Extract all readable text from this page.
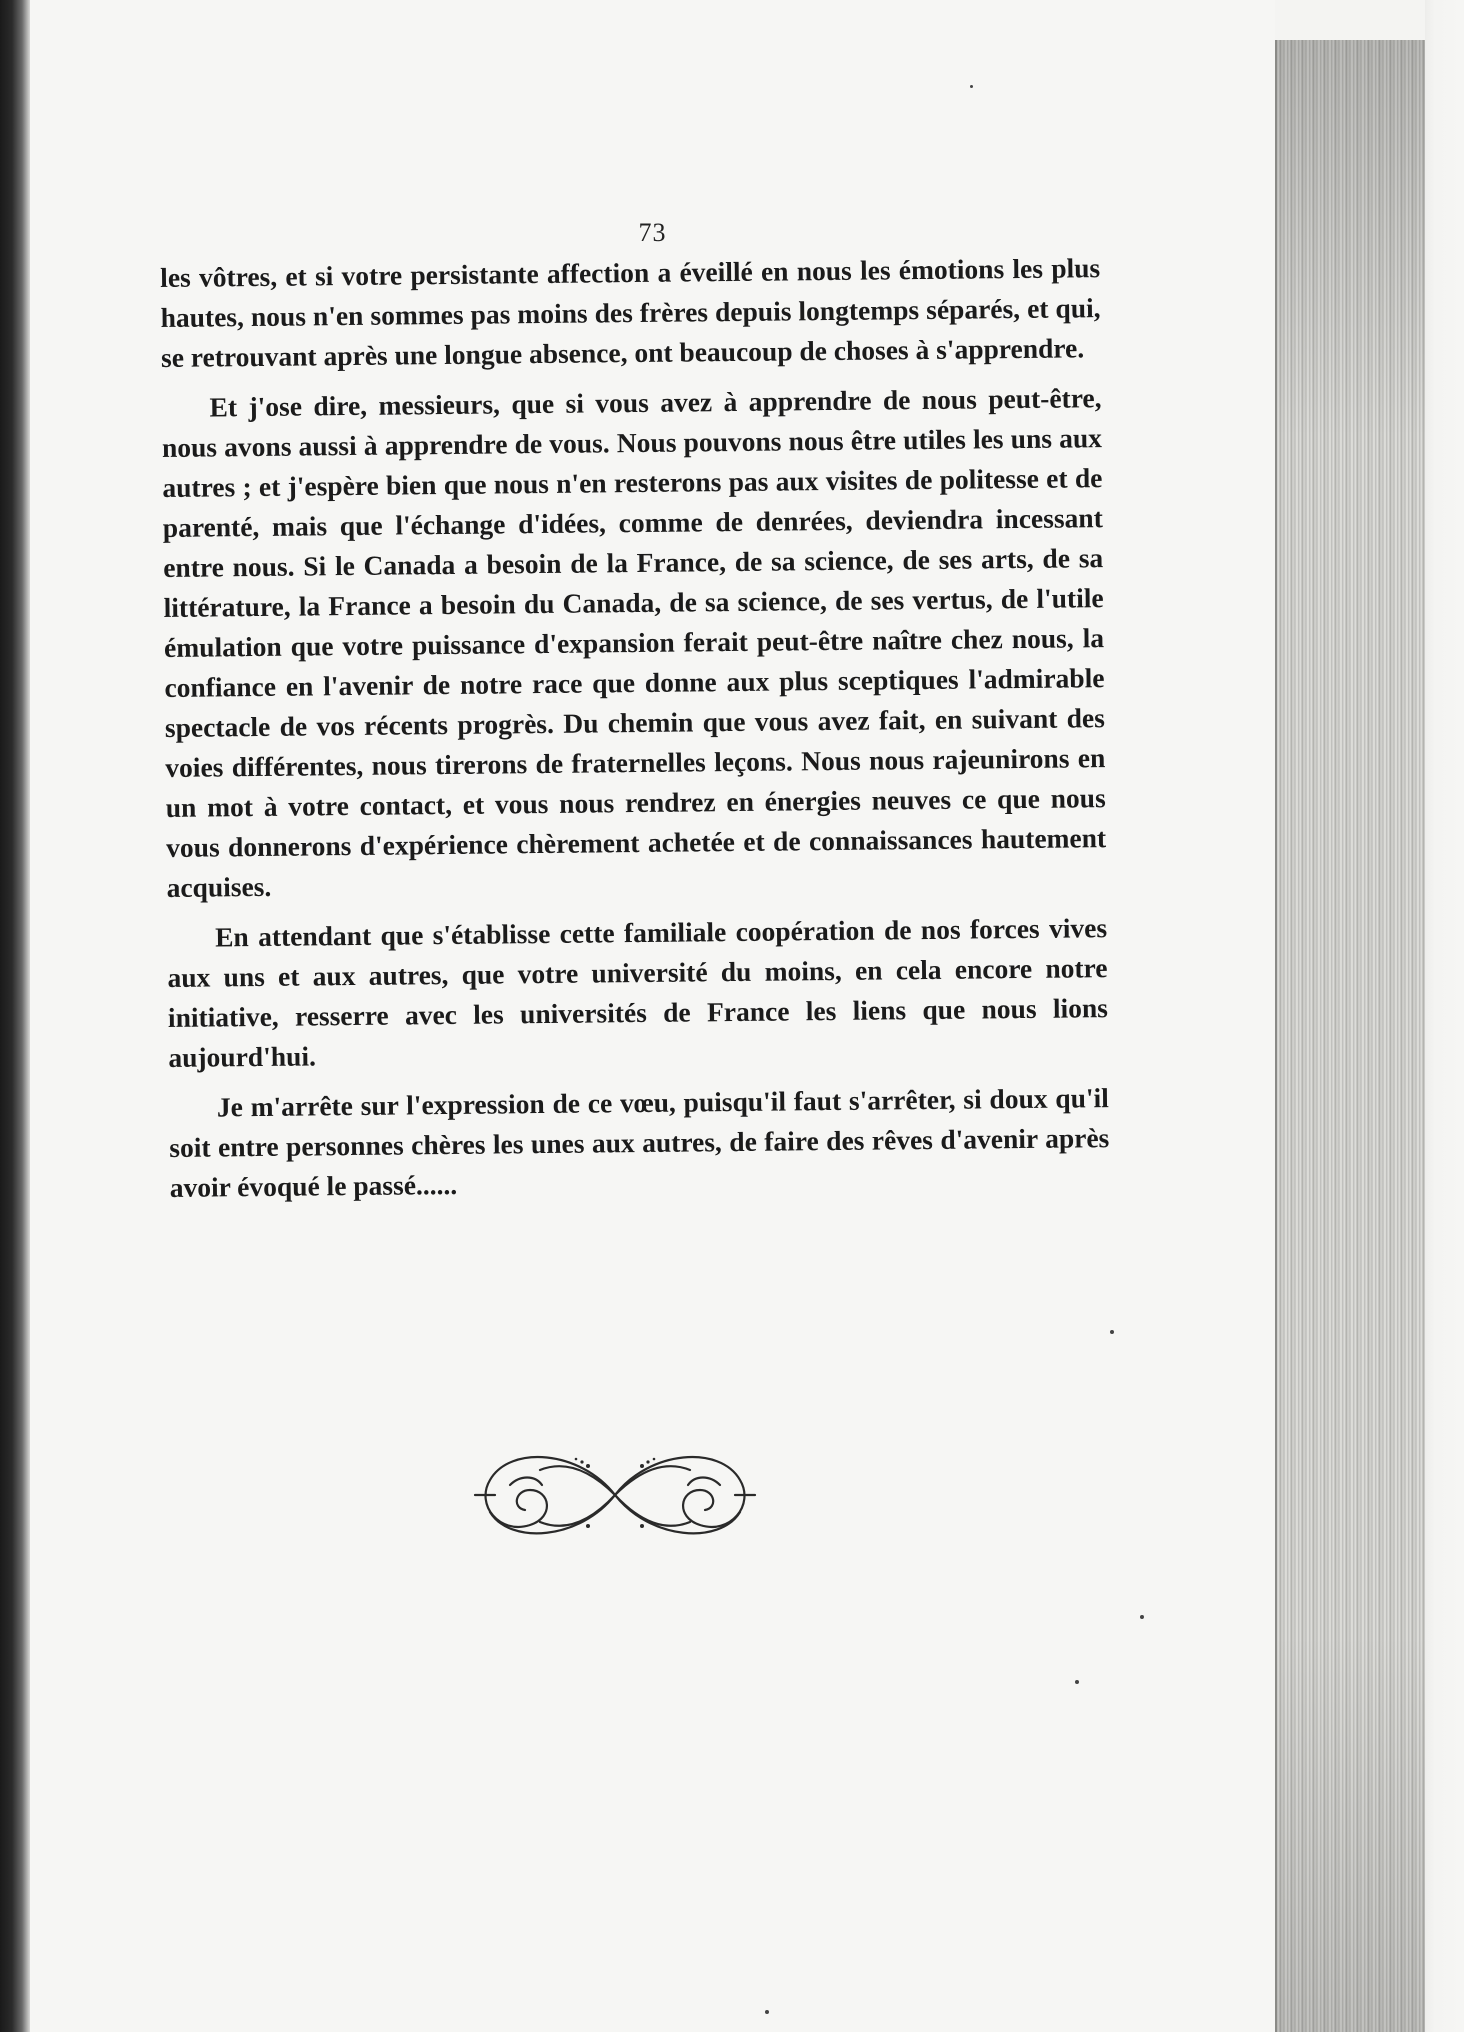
73

les vôtres, et si votre persistante affection a éveillé en nous les émotions les plus hautes, nous n'en sommes pas moins des frères depuis longtemps séparés, et qui, se retrouvant après une longue absence, ont beaucoup de choses à s'apprendre.

Et j'ose dire, messieurs, que si vous avez à apprendre de nous peut-être, nous avons aussi à apprendre de vous. Nous pouvons nous être utiles les uns aux autres ; et j'espère bien que nous n'en resterons pas aux visites de politesse et de parenté, mais que l'échange d'idées, comme de denrées, deviendra incessant entre nous. Si le Canada a besoin de la France, de sa science, de ses arts, de sa littérature, la France a besoin du Canada, de sa science, de ses vertus, de l'utile émulation que votre puissance d'expansion ferait peut-être naître chez nous, la confiance en l'avenir de notre race que donne aux plus sceptiques l'admirable spectacle de vos récents progrès. Du chemin que vous avez fait, en suivant des voies différentes, nous tirerons de fraternelles leçons. Nous nous rajeunirons en un mot à votre contact, et vous nous rendrez en énergies neuves ce que nous vous donnerons d'expérience chèrement achetée et de connaissances hautement acquises.

En attendant que s'établisse cette familiale coopération de nos forces vives aux uns et aux autres, que votre université du moins, en cela encore notre initiative, resserre avec les universités de France les liens que nous lions aujourd'hui.

Je m'arrête sur l'expression de ce vœu, puisqu'il faut s'arrêter, si doux qu'il soit entre personnes chères les unes aux autres, de faire des rêves d'avenir après avoir évoqué le passé......
